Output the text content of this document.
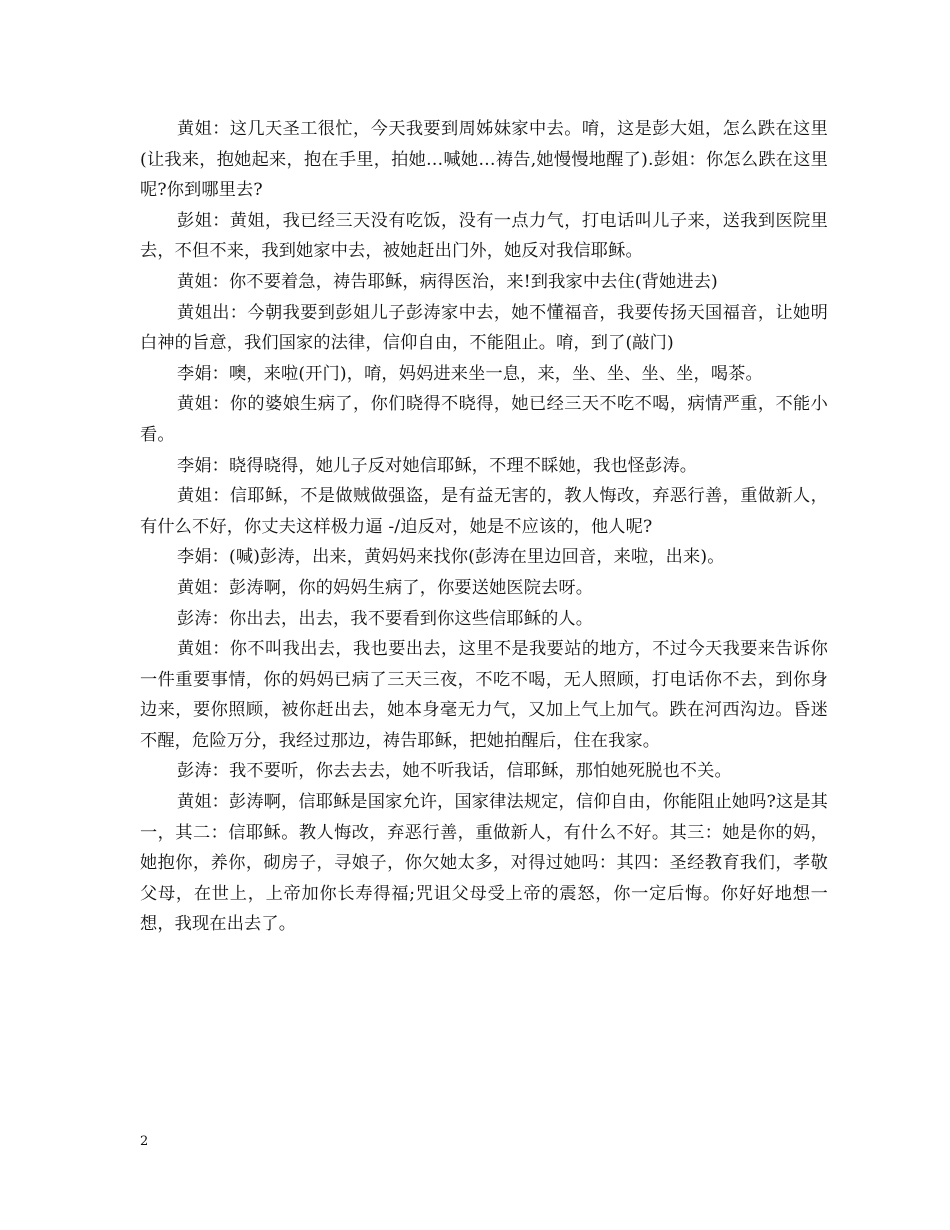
黄姐：这几天圣工很忙，今天我要到周姊妹家中去。唷，这是彭大姐，怎么跌在这里(让我来，抱她起来，抱在手里，拍她…喊她…祷告,她慢慢地醒了).彭姐：你怎么跌在这里呢?你到哪里去?

彭姐：黄姐，我已经三天没有吃饭，没有一点力气，打电话叫儿子来，送我到医院里去，不但不来，我到她家中去，被她赶出门外，她反对我信耶稣。

黄姐：你不要着急，祷告耶稣，病得医治，来!到我家中去住(背她进去)

黄姐出：今朝我要到彭姐儿子彭涛家中去，她不懂福音，我要传扬天国福音，让她明白神的旨意，我们国家的法律，信仰自由，不能阻止。唷，到了(敲门)

李娟：噢，来啦(开门)，唷，妈妈进来坐一息，来，坐、坐、坐、坐，喝茶。

黄姐：你的婆娘生病了，你们晓得不晓得，她已经三天不吃不喝，病情严重，不能小看。

李娟：晓得晓得，她儿子反对她信耶稣，不理不睬她，我也怪彭涛。

黄姐：信耶稣，不是做贼做强盗，是有益无害的，教人悔改，弃恶行善，重做新人，有什么不好，你丈夫这样极力逼 -/迫反对，她是不应该的，他人呢?

李娟：(喊)彭涛，出来，黄妈妈来找你(彭涛在里边回音，来啦，出来)。

黄姐：彭涛啊，你的妈妈生病了，你要送她医院去呀。

彭涛：你出去，出去，我不要看到你这些信耶稣的人。

黄姐：你不叫我出去，我也要出去，这里不是我要站的地方，不过今天我要来告诉你一件重要事情，你的妈妈已病了三天三夜，不吃不喝，无人照顾，打电话你不去，到你身边来，要你照顾，被你赶出去，她本身毫无力气，又加上气上加气。跌在河西沟边。昏迷不醒，危险万分，我经过那边，祷告耶稣，把她拍醒后，住在我家。

彭涛：我不要听，你去去去，她不听我话，信耶稣，那怕她死脱也不关。

黄姐：彭涛啊，信耶稣是国家允许，国家律法规定，信仰自由，你能阻止她吗?这是其一，其二：信耶稣。教人悔改，弃恶行善，重做新人，有什么不好。其三：她是你的妈，她抱你，养你，砌房子，寻娘子，你欠她太多，对得过她吗：其四：圣经教育我们，孝敬父母，在世上，上帝加你长寿得福;咒诅父母受上帝的震怒，你一定后悔。你好好地想一想，我现在出去了。

2
